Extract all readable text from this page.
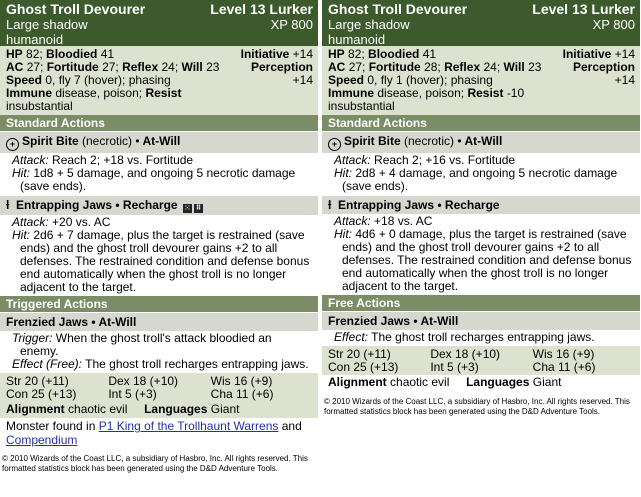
Ghost Troll Devourer	Level 13 Lurker
Large shadow	XP 800
humanoid
HP 82; Bloodied 41	Initiative +14
AC 27; Fortitude 27; Reflex 24; Will 23	Perception
Speed 0, fly 7 (hover); phasing	+14
Immune disease, poison; Resist
insubstantial
Standard Actions
+ Spirit Bite (necrotic) • At-Will
Attack: Reach 2; +18 vs. Fortitude
Hit: 1d8 + 5 damage, and ongoing 5 necrotic damage (save ends).
ƚ Entrapping Jaws • Recharge ⁙ ⠿
Attack: +20 vs. AC
Hit: 2d6 + 7 damage, plus the target is restrained (save ends) and the ghost troll devourer gains +2 to all defenses. The restrained condition and defense bonus end automatically when the ghost troll is no longer adjacent to the target.
Triggered Actions
Frenzied Jaws • At-Will
Trigger: When the ghost troll's attack bloodied an enemy.
Effect (Free): The ghost troll recharges entrapping jaws.
Str 20 (+11)	Dex 18 (+10)	Wis 16 (+9)
Con 25 (+13)	Int 5 (+3)	Cha 11 (+6)
Alignment chaotic evil Languages Giant
Monster found in P1 King of the Trollhaunt Warrens and
Compendium
© 2010 Wizards of the Coast LLC, a subsidiary of Hasbro, Inc. All rights reserved. This formatted statistics block has been generated using the D&D Adventure Tools.
Ghost Troll Devourer	Level 13 Lurker
Large shadow	XP 800
humanoid
HP 82; Bloodied 41	Initiative +14
AC 27; Fortitude 28; Reflex 24; Will 23	Perception
Speed 0, fly 1 (hover); phasing	+14
Immune disease, poison; Resist -10
insubstantial
Standard Actions
+ Spirit Bite (necrotic) • At-Will
Attack: Reach 2; +16 vs. Fortitude
Hit: 2d8 + 4 damage, and ongoing 5 necrotic damage (save ends).
ƚ Entrapping Jaws • Recharge
Attack: +18 vs. AC
Hit: 4d6 + 0 damage, plus the target is restrained (save ends) and the ghost troll devourer gains +2 to all defenses. The restrained condition and defense bonus end automatically when the ghost troll is no longer adjacent to the target.
Free Actions
Frenzied Jaws • At-Will
Effect: The ghost troll recharges entrapping jaws.
Str 20 (+11)	Dex 18 (+10)	Wis 16 (+9)
Con 25 (+13)	Int 5 (+3)	Cha 11 (+6)
Alignment chaotic evil Languages Giant
© 2010 Wizards of the Coast LLC, a subsidiary of Hasbro, Inc. All rights reserved. This formatted statistics block has been generated using the D&D Adventure Tools.
